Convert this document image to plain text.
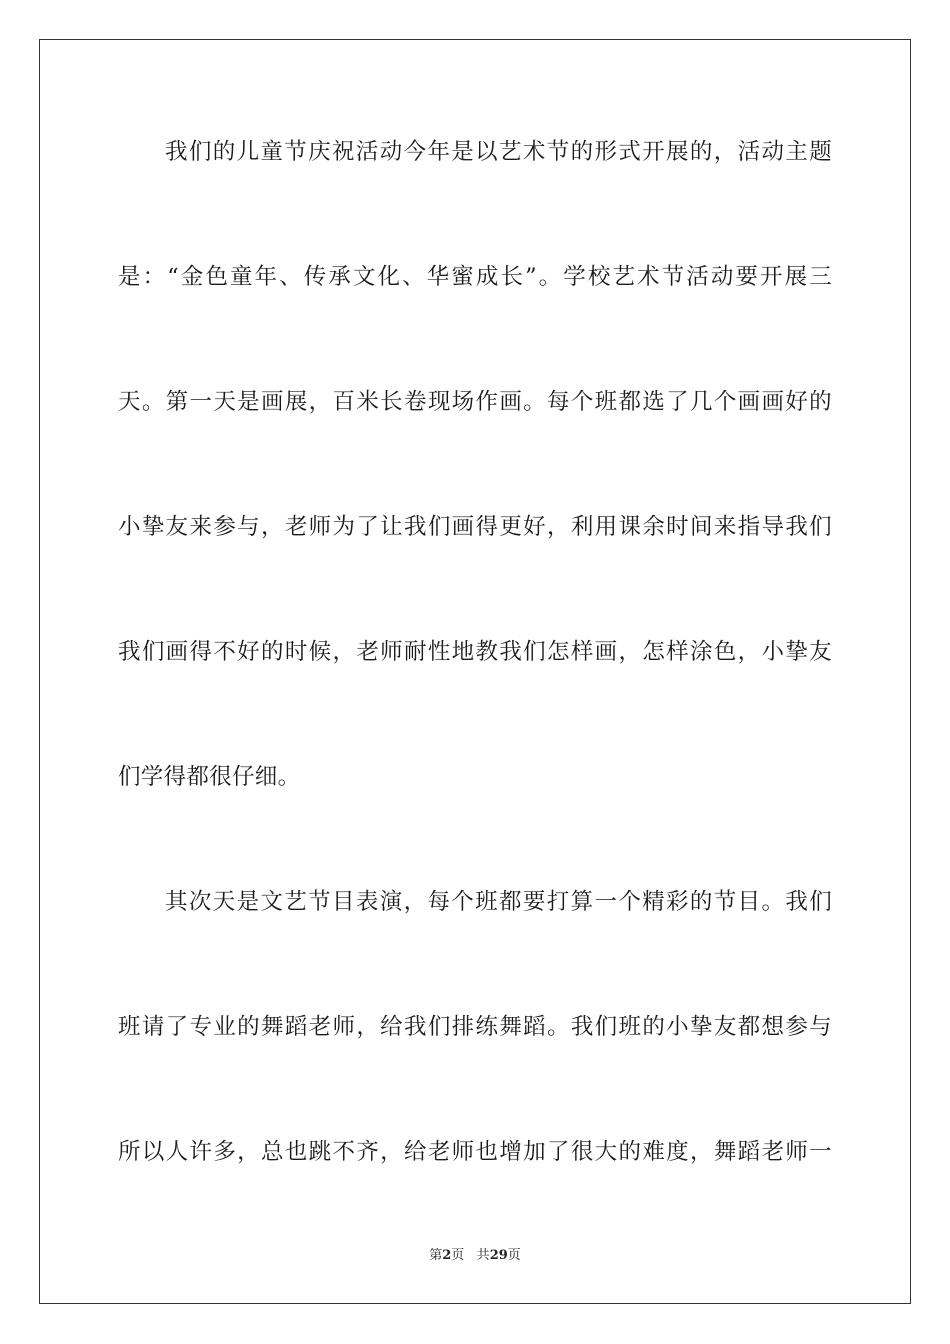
我们的儿童节庆祝活动今年是以艺术节的形式开展的，活动主题
是：“金色童年、传承文化、华蜜成长”。学校艺术节活动要开展三
天。第一天是画展，百米长卷现场作画。每个班都选了几个画画好的
小挚友来参与，老师为了让我们画得更好，利用课余时间来指导我们
我们画得不好的时候，老师耐性地教我们怎样画，怎样涂色，小挚友
们学得都很仔细。
其次天是文艺节目表演，每个班都要打算一个精彩的节目。我们
班请了专业的舞蹈老师，给我们排练舞蹈。我们班的小挚友都想参与
所以人许多，总也跳不齐，给老师也增加了很大的难度，舞蹈老师一
第2页 共29页
